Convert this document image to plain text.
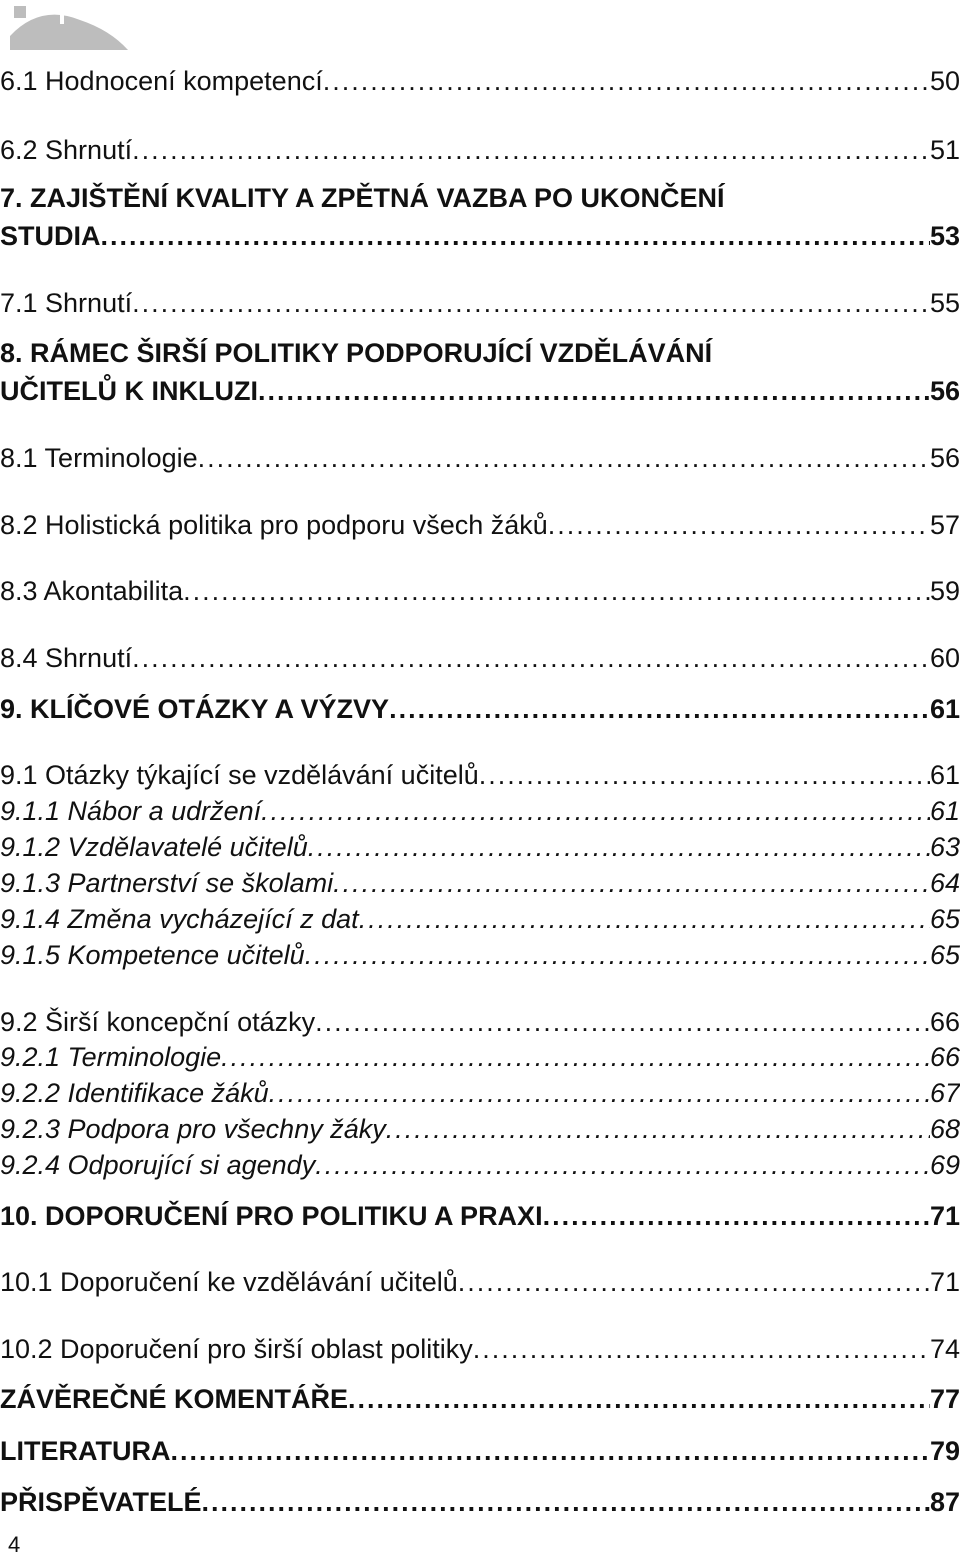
6.1 Hodnocení kompetencí .....	50
6.2 Shrnutí .....	51
7. ZAJIŠTĚNÍ KVALITY A ZPĚTNÁ VAZBA PO UKONČENÍ
STUDIA .....	53
7.1 Shrnutí .....	55
8. RÁMEC ŠIRŠÍ POLITIKY PODPORUJÍCÍ VZDĚLÁVÁNÍ
UČITELŮ K INKLUZI .....	56
8.1 Terminologie .....	56
8.2 Holistická politika pro podporu všech žáků .....	57
8.3 Akontabilita .....	59
8.4 Shrnutí .....	60
9. KLÍČOVÉ OTÁZKY A VÝZVY .....	61
9.1 Otázky týkající se vzdělávání učitelů .....	61
9.1.1 Nábor a udržení .....	61
9.1.2 Vzdělavatelé učitelů .....	63
9.1.3 Partnerství se školami .....	64
9.1.4 Změna vycházející z dat .....	65
9.1.5 Kompetence učitelů .....	65
9.2 Širší koncepční otázky .....	66
9.2.1 Terminologie .....	66
9.2.2 Identifikace žáků .....	67
9.2.3 Podpora pro všechny žáky .....	68
9.2.4 Odporující si agendy .....	69
10. DOPORUČENÍ PRO POLITIKU A PRAXI .....	71
10.1 Doporučení ke vzdělávání učitelů .....	71
10.2 Doporučení pro širší oblast politiky .....	74
ZÁVĚREČNÉ KOMENTÁŘE .....	77
LITERATURA .....	79
PŘISPĚVATELÉ .....	87
4
